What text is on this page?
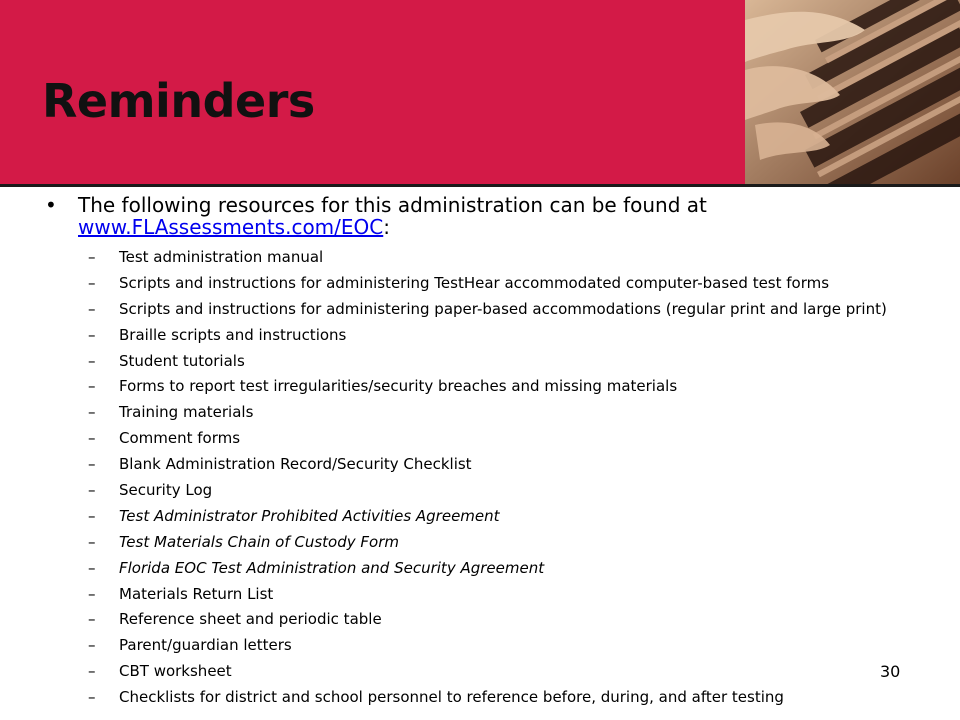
Reminders
• The following resources for this administration can be found at www.FLAssessments.com/EOC:
– Test administration manual
– Scripts and instructions for administering TestHear accommodated computer-based test forms
– Scripts and instructions for administering paper-based accommodations (regular print and large print)
– Braille scripts and instructions
– Student tutorials
– Forms to report test irregularities/security breaches and missing materials
– Training materials
– Comment forms
– Blank Administration Record/Security Checklist
– Security Log
– Test Administrator Prohibited Activities Agreement
– Test Materials Chain of Custody Form
– Florida EOC Test Administration and Security Agreement
– Materials Return List
– Reference sheet and periodic table
– Parent/guardian letters
– CBT worksheet
– Checklists for district and school personnel to reference before, during, and after testing
30
